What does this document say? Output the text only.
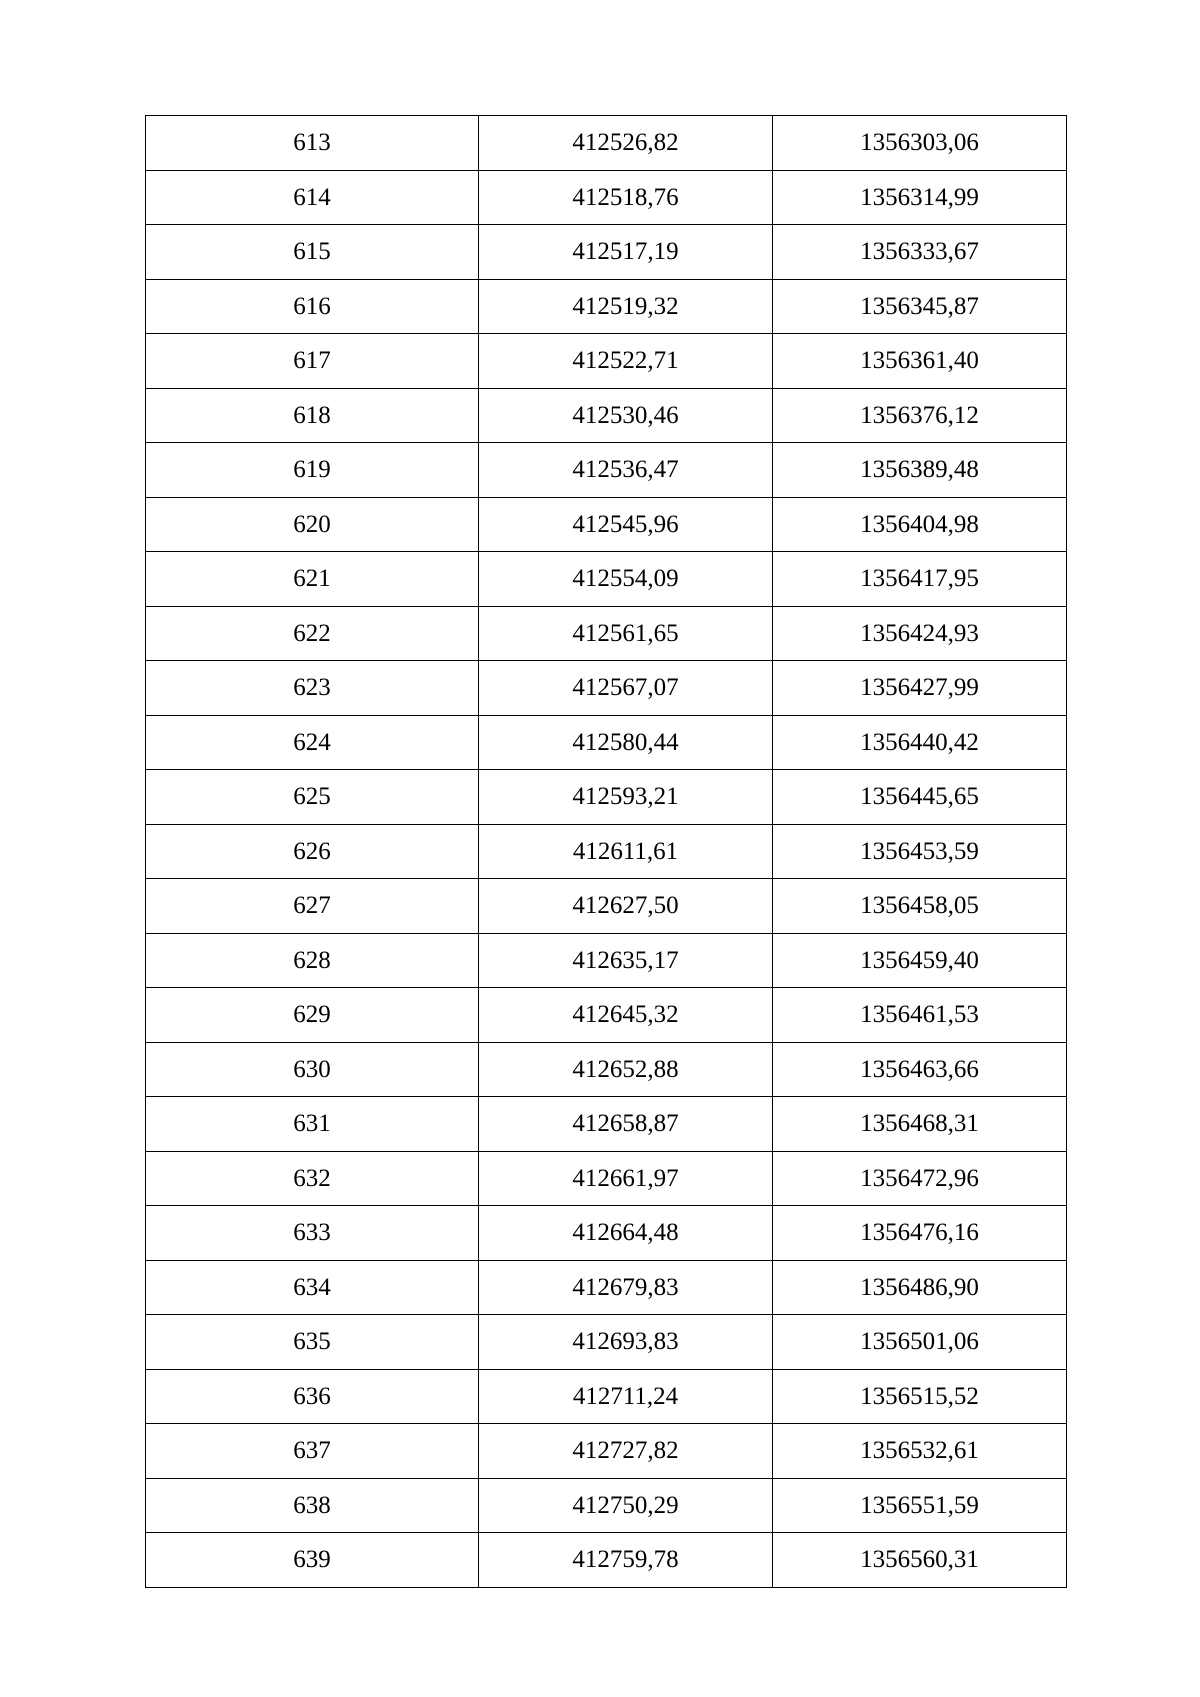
613	412526,82	1356303,06
614	412518,76	1356314,99
615	412517,19	1356333,67
616	412519,32	1356345,87
617	412522,71	1356361,40
618	412530,46	1356376,12
619	412536,47	1356389,48
620	412545,96	1356404,98
621	412554,09	1356417,95
622	412561,65	1356424,93
623	412567,07	1356427,99
624	412580,44	1356440,42
625	412593,21	1356445,65
626	412611,61	1356453,59
627	412627,50	1356458,05
628	412635,17	1356459,40
629	412645,32	1356461,53
630	412652,88	1356463,66
631	412658,87	1356468,31
632	412661,97	1356472,96
633	412664,48	1356476,16
634	412679,83	1356486,90
635	412693,83	1356501,06
636	412711,24	1356515,52
637	412727,82	1356532,61
638	412750,29	1356551,59
639	412759,78	1356560,31
